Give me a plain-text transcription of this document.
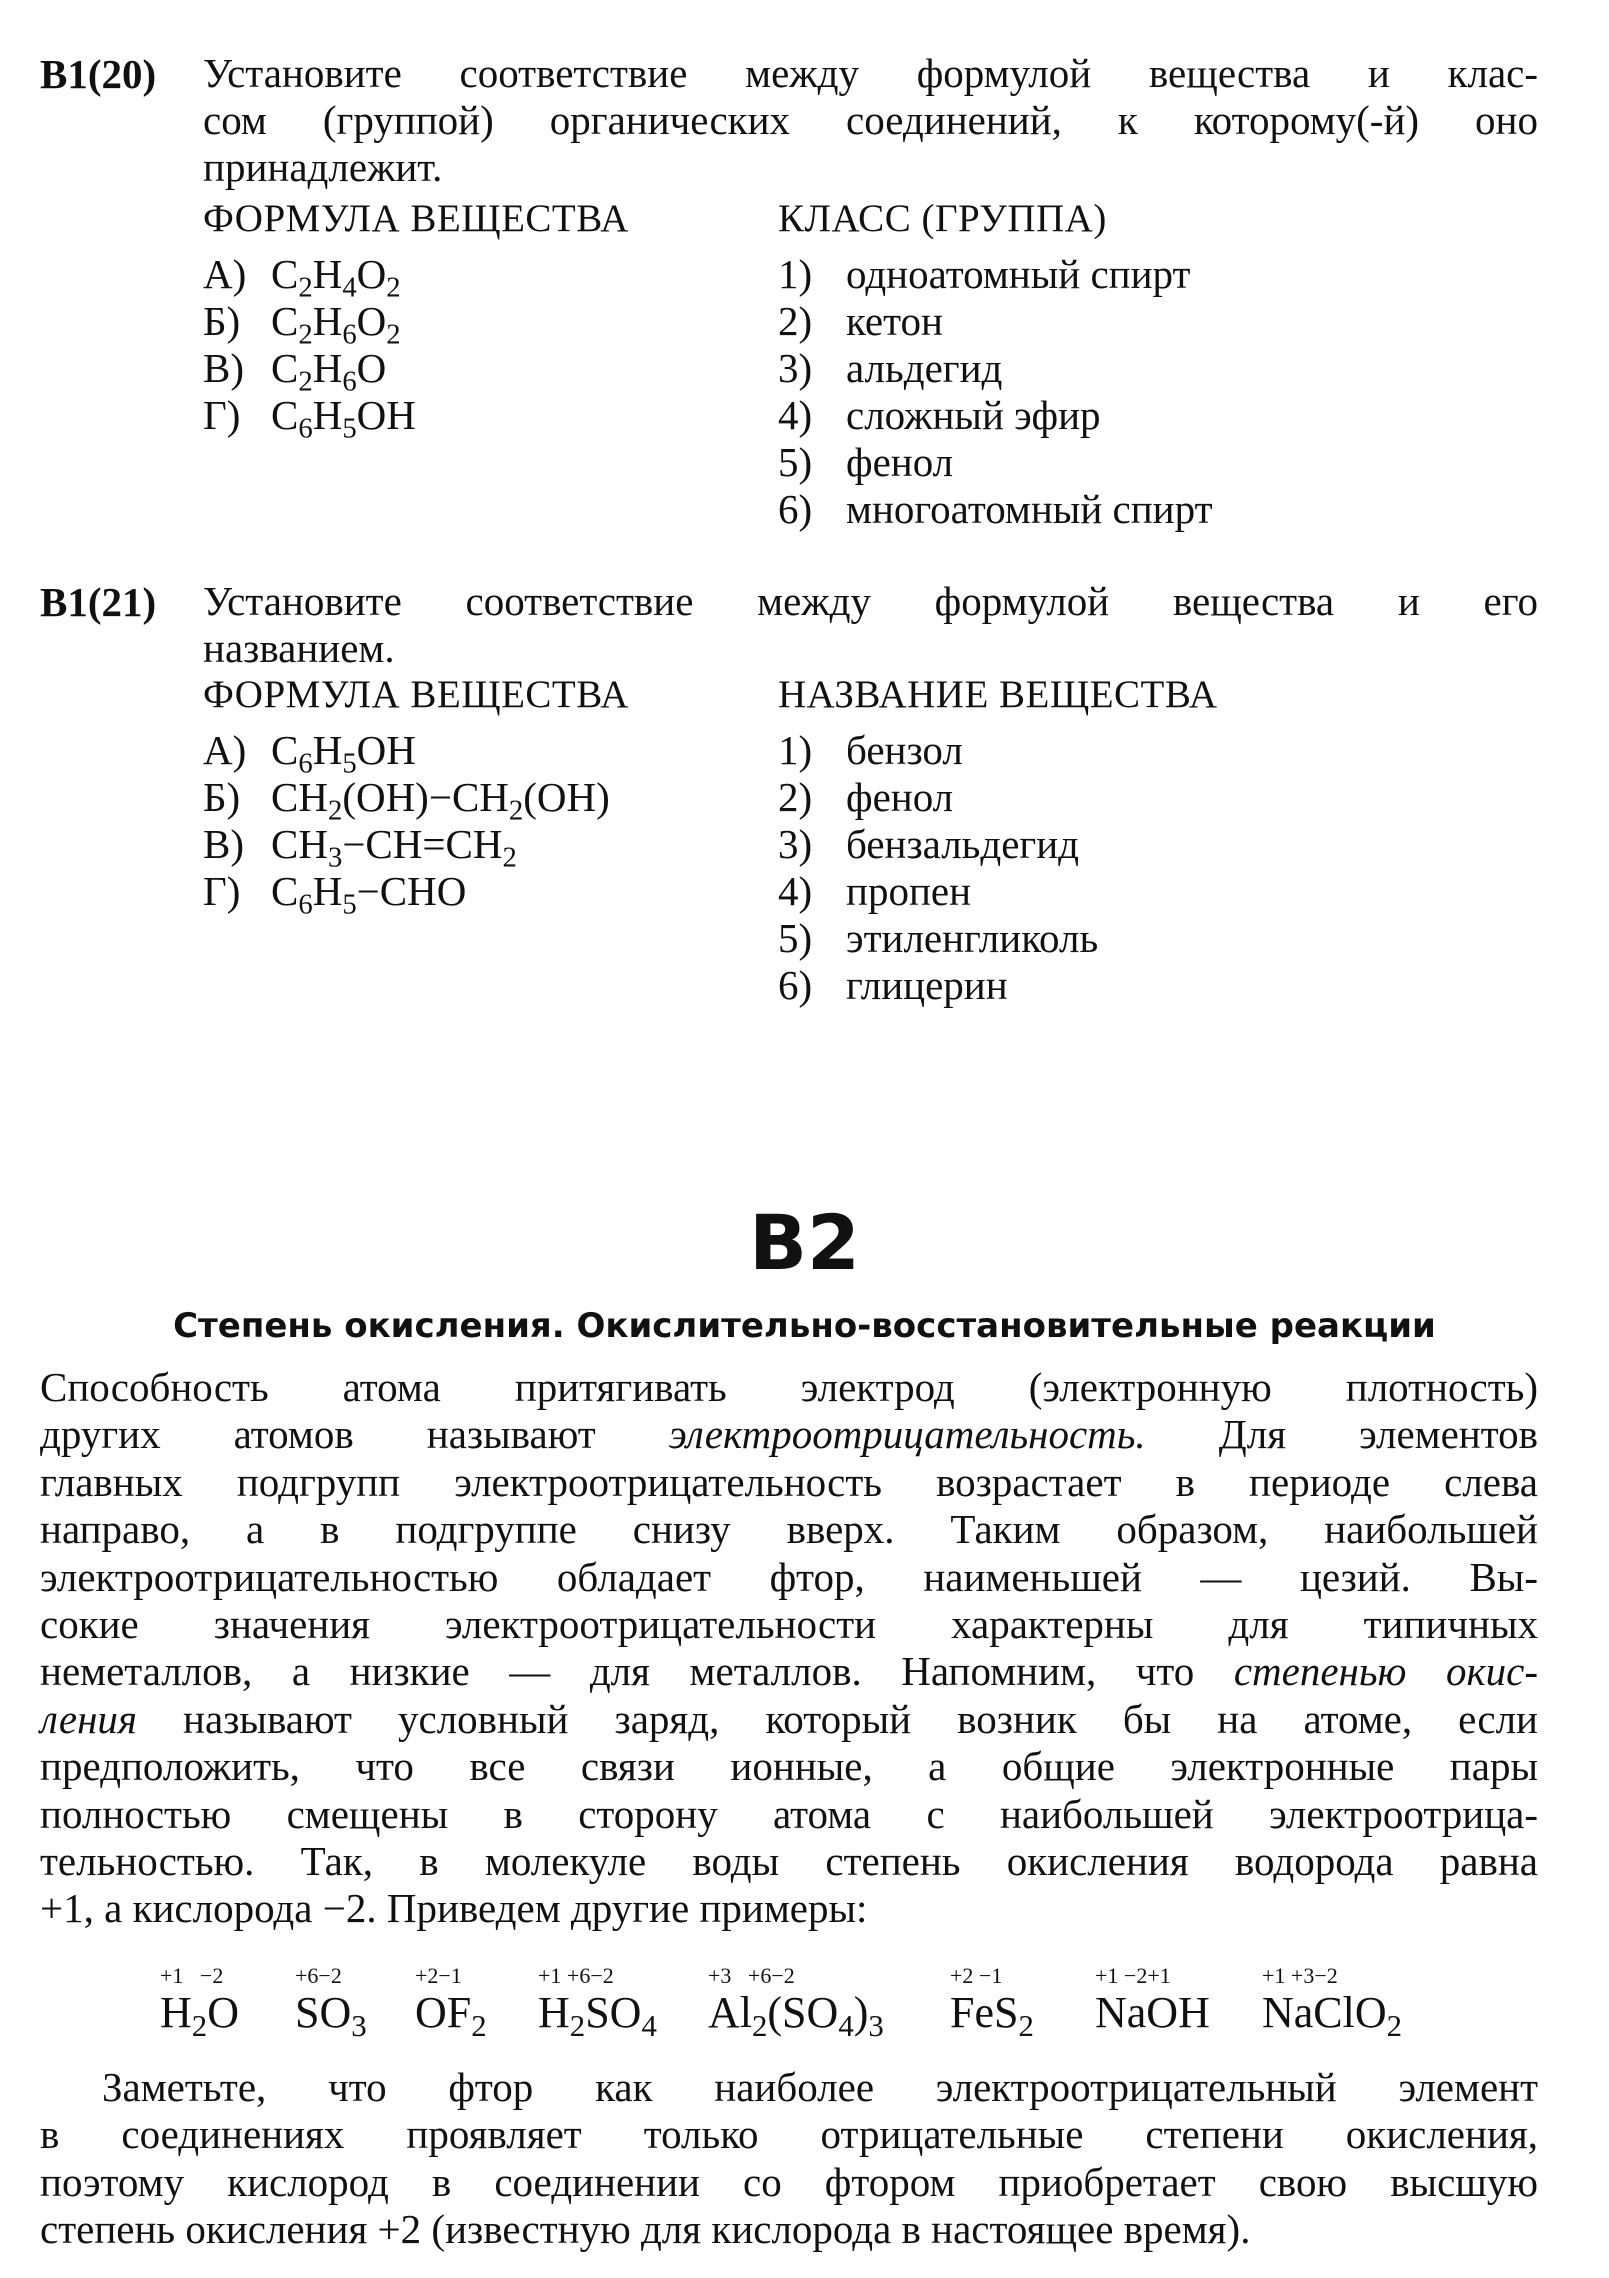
B1(20) Установите соответствие между формулой вещества и клас-
сом (группой) органических соединений, к которому(-й) оно
принадлежит.
ФОРМУЛА ВЕЩЕСТВА	КЛАСС (ГРУППА)
А) $C_2H_4O_2$
Б) $C_2H_6O_2$
В) $C_2H_6O$
Г) $C_6H_5OH$
1) одноатомный спирт
2) кетон
3) альдегид
4) сложный эфир
5) фенол
6) многоатомный спирт
B1(21) Установите соответствие между формулой вещества и его
названием.
ФОРМУЛА ВЕЩЕСТВА	НАЗВАНИЕ ВЕЩЕСТВА
А) $C_6H_5OH$
Б) $CH_2(OH)-CH_2(OH)$
В) $CH_3-CH=CH_2$
Г) $C_6H_5-CHO$
1) бензол
2) фенол
3) бензальдегид
4) пропен
5) этиленгликоль
6) глицерин
B2
Степень окисления. Окислительно-восстановительные реакции
Способность атома притягивать электрод (электронную плотность)
других атомов называют электроотрицательность. Для элементов
главных подгрупп электроотрицательность возрастает в периоде слева
направо, а в подгруппе снизу вверх. Таким образом, наибольшей
электроотрицательностью обладает фтор, наименьшей — цезий. Вы-
сокие значения электроотрицательности характерны для типичных
неметаллов, а низкие — для металлов. Напомним, что степенью окис-
ления называют условный заряд, который возник бы на атоме, если
предположить, что все связи ионные, а общие электронные пары
полностью смещены в сторону атома с наибольшей электроотрица-
тельностью. Так, в молекуле воды степень окисления водорода равна
+1, а кислорода −2. Приведем другие примеры:
+1   −2
$H_2O$
+6−2
$SO_3$
+2−1
$OF_2$
+1 +6−2
$H_2SO_4$
+3   +6−2
$Al_2(SO_4)_3$
+2 −1
FeS$_2$
+1 −2+1
NaOH
+1 +3−2
NaClO$_2$
Заметьте, что фтор как наиболее электроотрицательный элемент
в соединениях проявляет только отрицательные степени окисления,
поэтому кислород в соединении со фтором приобретает свою высшую
степень окисления +2 (известную для кислорода в настоящее время).
